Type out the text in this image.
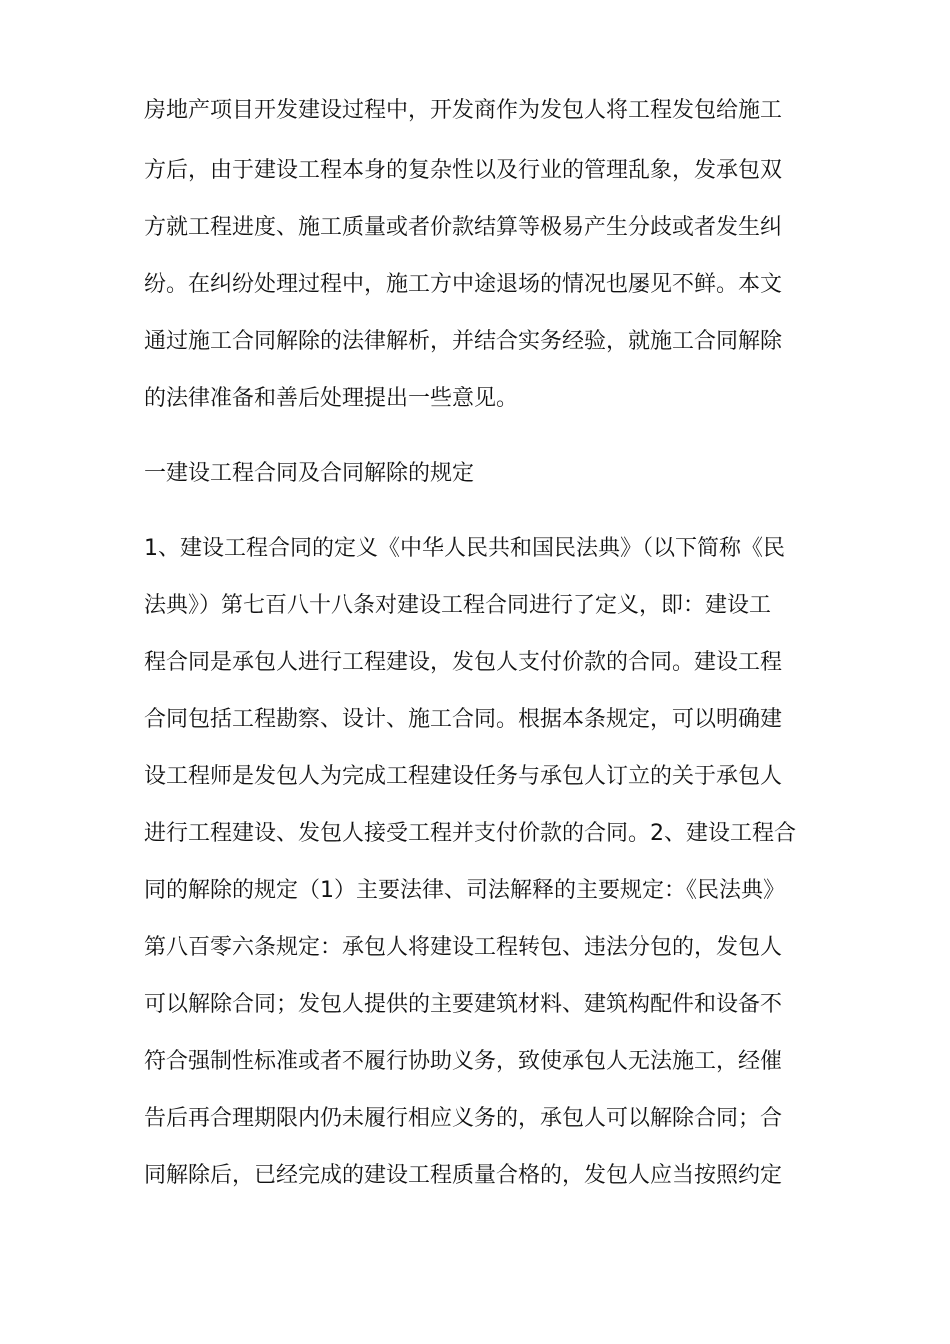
房地产项目开发建设过程中，开发商作为发包人将工程发包给施工
方后，由于建设工程本身的复杂性以及行业的管理乱象，发承包双
方就工程进度、施工质量或者价款结算等极易产生分歧或者发生纠
纷。在纠纷处理过程中，施工方中途退场的情况也屡见不鲜。本文
通过施工合同解除的法律解析，并结合实务经验，就施工合同解除
的法律准备和善后处理提出一些意见。
一建设工程合同及合同解除的规定
1、建设工程合同的定义《中华人民共和国民法典》（以下简称《民
法典》）第七百八十八条对建设工程合同进行了定义，即：建设工
程合同是承包人进行工程建设，发包人支付价款的合同。建设工程
合同包括工程勘察、设计、施工合同。根据本条规定，可以明确建
设工程师是发包人为完成工程建设任务与承包人订立的关于承包人
进行工程建设、发包人接受工程并支付价款的合同。2、建设工程合
同的解除的规定（1）主要法律、司法解释的主要规定：《民法典》
第八百零六条规定：承包人将建设工程转包、违法分包的，发包人
可以解除合同；发包人提供的主要建筑材料、建筑构配件和设备不
符合强制性标准或者不履行协助义务，致使承包人无法施工，经催
告后再合理期限内仍未履行相应义务的，承包人可以解除合同；合
同解除后，已经完成的建设工程质量合格的，发包人应当按照约定
